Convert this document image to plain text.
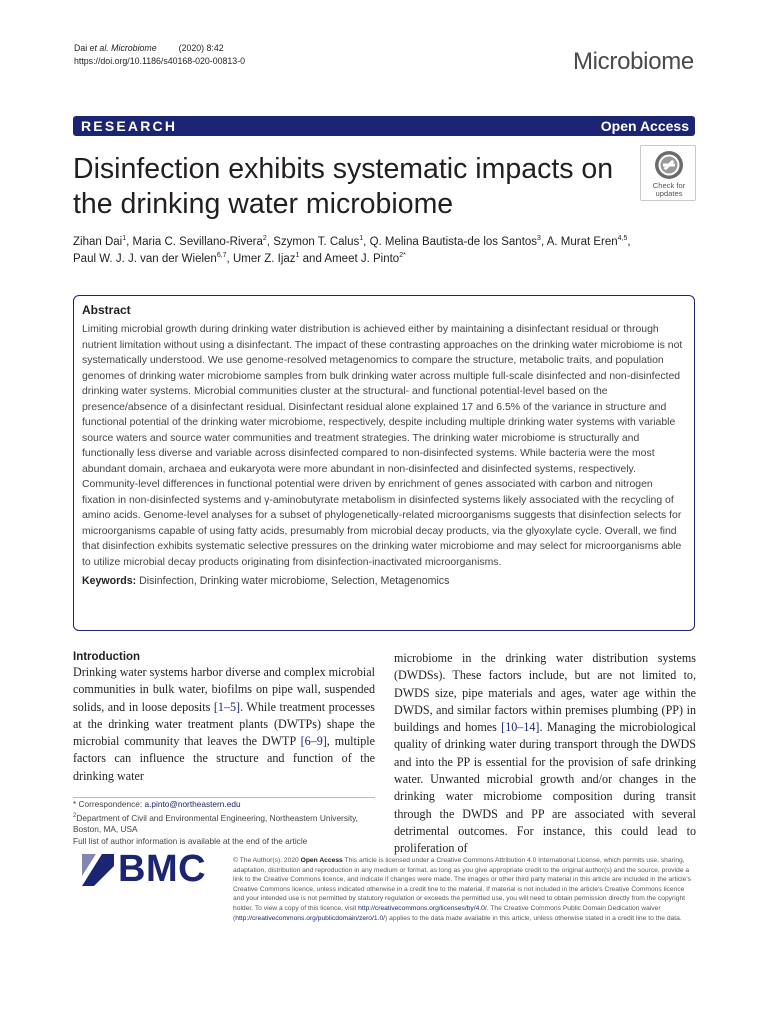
Dai et al. Microbiome	(2020) 8:42
https://doi.org/10.1186/s40168-020-00813-0	Microbiome
RESEARCH	Open Access
Disinfection exhibits systematic impacts on the drinking water microbiome
Check for
updates
Zihan Dai$^1$, Maria C. Sevillano-Rivera$^2$, Szymon T. Calus$^1$, Q. Melina Bautista-de los Santos$^3$, A. Murat Eren$^{4,5}$,
Paul W. J. J. van der Wielen$^{6,7}$, Umer Z. Ijaz$^1$ and Ameet J. Pinto$^{2*}$
Abstract

Limiting microbial growth during drinking water distribution is achieved either by maintaining a disinfectant residual or through nutrient limitation without using a disinfectant. The impact of these contrasting approaches on the drinking water microbiome is not systematically understood. We use genome-resolved metagenomics to compare the structure, metabolic traits, and population genomes of drinking water microbiome samples from bulk drinking water across multiple full-scale disinfected and non-disinfected drinking water systems. Microbial communities cluster at the structural- and functional potential-level based on the presence/absence of a disinfectant residual. Disinfectant residual alone explained 17 and 6.5% of the variance in structure and functional potential of the drinking water microbiome, respectively, despite including multiple drinking water systems with variable source waters and source water communities and treatment strategies. The drinking water microbiome is structurally and functionally less diverse and variable across disinfected compared to non-disinfected systems. While bacteria were the most abundant domain, archaea and eukaryota were more abundant in non-disinfected and disinfected systems, respectively. Community-level differences in functional potential were driven by enrichment of genes associated with carbon and nitrogen fixation in non-disinfected systems and γ-aminobutyrate metabolism in disinfected systems likely associated with the recycling of amino acids. Genome-level analyses for a subset of phylogenetically-related microorganisms suggests that disinfection selects for microorganisms capable of using fatty acids, presumably from microbial decay products, via the glyoxylate cycle. Overall, we find that disinfection exhibits systematic selective pressures on the drinking water microbiome and may select for microorganisms able to utilize microbial decay products originating from disinfection-inactivated microorganisms.

Keywords: Disinfection, Drinking water microbiome, Selection, Metagenomics

Introduction

Drinking water systems harbor diverse and complex microbial communities in bulk water, biofilms on pipe wall, suspended solids, and in loose deposits [1–5]. While treatment processes at the drinking water treatment plants (DWTPs) shape the microbial community that leaves the DWTP [6–9], multiple factors can influence the structure and function of the drinking water

microbiome in the drinking water distribution systems (DWDSs). These factors include, but are not limited to, DWDS size, pipe materials and ages, water age within the DWDS, and similar factors within premises plumbing (PP) in buildings and homes [10–14]. Managing the microbiological quality of drinking water during transport through the DWDS and into the PP is essential for the provision of safe drinking water. Unwanted microbial growth and/or changes in the drinking water microbiome composition during transit through the DWDS and PP are associated with several detrimental outcomes. For instance, this could lead to proliferation of

* Correspondence: a.pinto@northeastern.edu
$^2$Department of Civil and Environmental Engineering, Northeastern University, Boston, MA, USA
Full list of author information is available at the end of the article
BMC	© The Author(s). 2020 Open Access This article is licensed under a Creative Commons Attribution 4.0 International License, which permits use, sharing, adaptation, distribution and reproduction in any medium or format, as long as you give appropriate credit to the original author(s) and the source, provide a link to the Creative Commons licence, and indicate if changes were made. The images or other third party material in this article are included in the article's Creative Commons licence, unless indicated otherwise in a credit line to the material. If material is not included in the article's Creative Commons licence and your intended use is not permitted by statutory regulation or exceeds the permitted use, you will need to obtain permission directly from the copyright holder. To view a copy of this licence, visit http://creativecommons.org/licenses/by/4.0/. The Creative Commons Public Domain Dedication waiver (http://creativecommons.org/publicdomain/zero/1.0/) applies to the data made available in this article, unless otherwise stated in a credit line to the data.
